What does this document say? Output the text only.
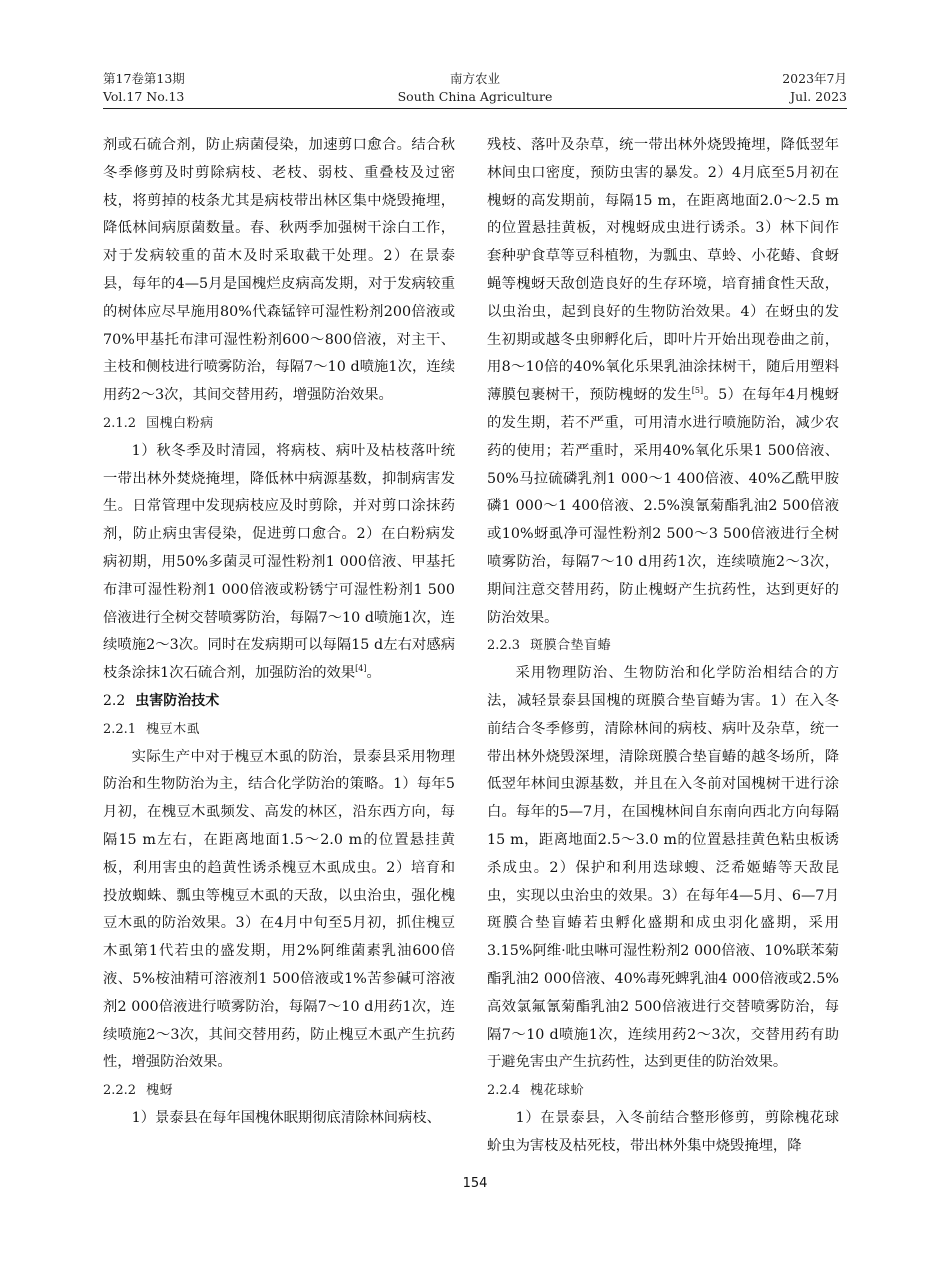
第17卷第13期
Vol.17 No.13
南方农业
South China Agriculture
2023年7月
Jul. 2023

剂或石硫合剂，防止病菌侵染，加速剪口愈合。结合秋冬季修剪及时剪除病枝、老枝、弱枝、重叠枝及过密枝，将剪掉的枝条尤其是病枝带出林区集中烧毁掩埋，降低林间病原菌数量。春、秋两季加强树干涂白工作，对于发病较重的苗木及时采取截干处理。2）在景泰县，每年的4—5月是国槐烂皮病高发期，对于发病较重的树体应尽早施用80%代森锰锌可湿性粉剂200倍液或70%甲基托布津可湿性粉剂600～800倍液，对主干、主枝和侧枝进行喷雾防治，每隔7～10 d喷施1次，连续用药2～3次，其间交替用药，增强防治效果。

2.1.2 国槐白粉病

1）秋冬季及时清园，将病枝、病叶及枯枝落叶统一带出林外焚烧掩埋，降低林中病源基数，抑制病害发生。日常管理中发现病枝应及时剪除，并对剪口涂抹药剂，防止病虫害侵染，促进剪口愈合。2）在白粉病发病初期，用50%多菌灵可湿性粉剂1 000倍液、甲基托布津可湿性粉剂1 000倍液或粉锈宁可湿性粉剂1 500倍液进行全树交替喷雾防治，每隔7～10 d喷施1次，连续喷施2～3次。同时在发病期可以每隔15 d左右对感病枝条涂抹1次石硫合剂，加强防治的效果[4]。

2.2 虫害防治技术

2.2.1 槐豆木虱

实际生产中对于槐豆木虱的防治，景泰县采用物理防治和生物防治为主，结合化学防治的策略。1）每年5月初，在槐豆木虱频发、高发的林区，沿东西方向，每隔15 m左右，在距离地面1.5～2.0 m的位置悬挂黄板，利用害虫的趋黄性诱杀槐豆木虱成虫。2）培育和投放蜘蛛、瓢虫等槐豆木虱的天敌，以虫治虫，强化槐豆木虱的防治效果。3）在4月中旬至5月初，抓住槐豆木虱第1代若虫的盛发期，用2%阿维菌素乳油600倍液、5%桉油精可溶液剂1 500倍液或1%苦参碱可溶液剂2 000倍液进行喷雾防治，每隔7～10 d用药1次，连续喷施2～3次，其间交替用药，防止槐豆木虱产生抗药性，增强防治效果。

2.2.2 槐蚜

1）景泰县在每年国槐休眠期彻底清除林间病枝、

残枝、落叶及杂草，统一带出林外烧毁掩埋，降低翌年林间虫口密度，预防虫害的暴发。2）4月底至5月初在槐蚜的高发期前，每隔15 m，在距离地面2.0～2.5 m的位置悬挂黄板，对槐蚜成虫进行诱杀。3）林下间作套种驴食草等豆科植物，为瓢虫、草蛉、小花蝽、食蚜蝇等槐蚜天敌创造良好的生存环境，培育捕食性天敌，以虫治虫，起到良好的生物防治效果。4）在蚜虫的发生初期或越冬虫卵孵化后，即叶片开始出现卷曲之前，用8～10倍的40%氧化乐果乳油涂抹树干，随后用塑料薄膜包裹树干，预防槐蚜的发生[5]。5）在每年4月槐蚜的发生期，若不严重，可用清水进行喷施防治，减少农药的使用；若严重时，采用40%氧化乐果1 500倍液、50%马拉硫磷乳剂1 000～1 400倍液、40%乙酰甲胺磷1 000～1 400倍液、2.5%溴氰菊酯乳油2 500倍液或10%蚜虱净可湿性粉剂2 500～3 500倍液进行全树喷雾防治，每隔7～10 d用药1次，连续喷施2～3次，期间注意交替用药，防止槐蚜产生抗药性，达到更好的防治效果。

2.2.3 斑膜合垫盲蝽

采用物理防治、生物防治和化学防治相结合的方法，减轻景泰县国槐的斑膜合垫盲蝽为害。1）在入冬前结合冬季修剪，清除林间的病枝、病叶及杂草，统一带出林外烧毁深埋，清除斑膜合垫盲蝽的越冬场所，降低翌年林间虫源基数，并且在入冬前对国槐树干进行涂白。每年的5—7月，在国槐林间自东南向西北方向每隔15 m，距离地面2.5～3.0 m的位置悬挂黄色粘虫板诱杀成虫。2）保护和利用迭球螋、泛希姬蝽等天敌昆虫，实现以虫治虫的效果。3）在每年4—5月、6—7月斑膜合垫盲蝽若虫孵化盛期和成虫羽化盛期，采用3.15%阿维·吡虫啉可湿性粉剂2 000倍液、10%联苯菊酯乳油2 000倍液、40%毒死蜱乳油4 000倍液或2.5%高效氯氟氰菊酯乳油2 500倍液进行交替喷雾防治，每隔7～10 d喷施1次，连续用药2～3次，交替用药有助于避免害虫产生抗药性，达到更佳的防治效果。

2.2.4 槐花球蚧

1）在景泰县，入冬前结合整形修剪，剪除槐花球蚧虫为害枝及枯死枝，带出林外集中烧毁掩埋，降

154
